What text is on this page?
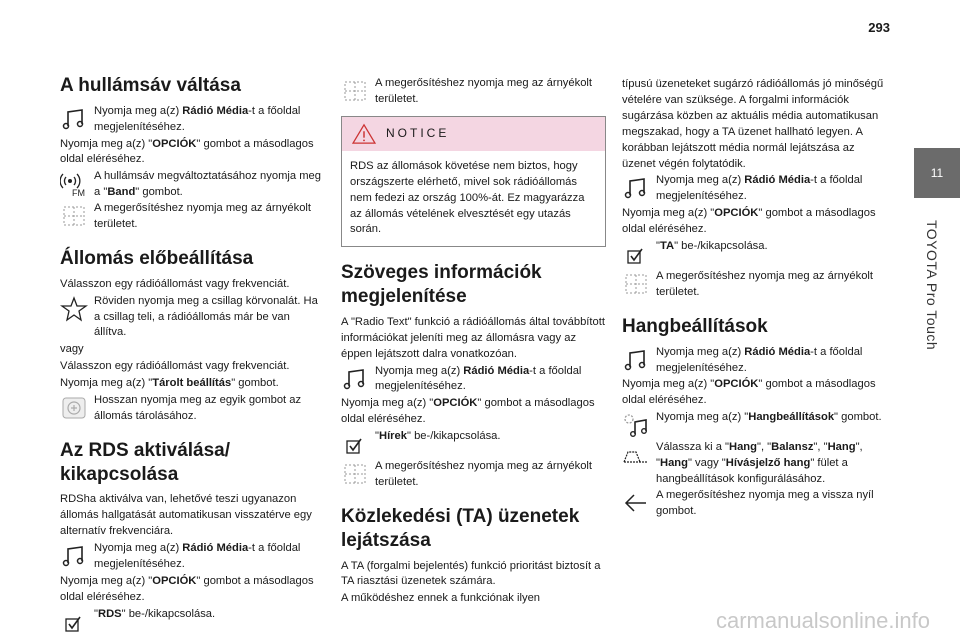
293
11
TOYOTA Pro Touch
A hullámsáv váltása
Nyomja meg a(z) Rádió Média-t a főoldal megjelenítéséhez.
Nyomja meg a(z) "OPCIÓK" gombot a másodlagos oldal eléréséhez.
FM
A hullámsáv megváltoztatásához nyomja meg a "Band" gombot.
A megerősítéshez nyomja meg az árnyékolt területet.
Állomás előbeállítása
Válasszon egy rádióállomást vagy frekvenciát.
Röviden nyomja meg a csillag körvonalát. Ha a csillag teli, a rádióállomás már be van állítva.
vagy
Válasszon egy rádióállomást vagy frekvenciát.
Nyomja meg a(z) "Tárolt beállítás" gombot.
Hosszan nyomja meg az egyik gombot az állomás tárolásához.
Az RDS aktiválása/ kikapcsolása
RDSha aktiválva van, lehetővé teszi ugyanazon állomás hallgatását automatikusan visszatérve egy alternatív frekvenciára.
Nyomja meg a(z) Rádió Média-t a főoldal megjelenítéséhez.
Nyomja meg a(z) "OPCIÓK" gombot a másodlagos oldal eléréséhez.
"RDS" be-/kikapcsolása.
A megerősítéshez nyomja meg az árnyékolt területet.
NOTICE
RDS az állomások követése nem biztos, hogy országszerte elérhető, mivel sok rádióállomás nem fedezi az ország 100%-át. Ez magyarázza az állomás vételének elvesztését egy utazás során.
Szöveges információk megjelenítése
A "Radio Text" funkció a rádióállomás által továbbított információkat jeleníti meg az állomásra vagy az éppen lejátszott dalra vonatkozóan.
Nyomja meg a(z) Rádió Média-t a főoldal megjelenítéséhez.
Nyomja meg a(z) "OPCIÓK" gombot a másodlagos oldal eléréséhez.
"Hírek" be-/kikapcsolása.
A megerősítéshez nyomja meg az árnyékolt területet.
Közlekedési (TA) üzenetek lejátszása
A TA (forgalmi bejelentés) funkció prioritást biztosít a TA riasztási üzenetek számára.
A működéshez ennek a funkciónak ilyen
típusú üzeneteket sugárzó rádióállomás jó minőségű vételére van szüksége. A forgalmi információk sugárzása közben az aktuális média automatikusan megszakad, hogy a TA üzenet hallható legyen. A korábban lejátszott média normál lejátszása az üzenet végén folytatódik.
Nyomja meg a(z) Rádió Média-t a főoldal megjelenítéséhez.
Nyomja meg a(z) "OPCIÓK" gombot a másodlagos oldal eléréséhez.
"TA" be-/kikapcsolása.
A megerősítéshez nyomja meg az árnyékolt területet.
Hangbeállítások
Nyomja meg a(z) Rádió Média-t a főoldal megjelenítéséhez.
Nyomja meg a(z) "OPCIÓK" gombot a másodlagos oldal eléréséhez.
Nyomja meg a(z) "Hangbeállítások" gombot.
Válassza ki a "Hang", "Balansz", "Hang", "Hang" vagy "Hívásjelző hang" fület a hangbeállítások konfigurálásához.
A megerősítéshez nyomja meg a vissza nyíl gombot.
carmanualsonline.info
